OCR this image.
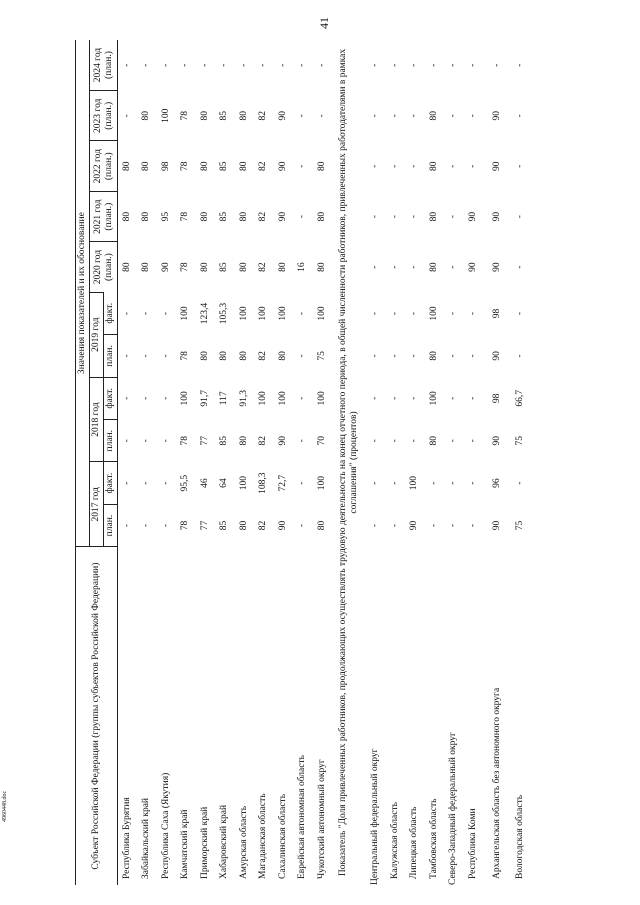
41
4960448.doc	Субъект Российской Федерации (группы субъектов Российской Федерации)	Значения показателей и их обоснование										
	2017 год		2018 год		2019 год		2020 год (план.)	2021 год (план.)	2022 год (план.)	2023 год (план.)	2024 год (план.)
	план.	факт.	план.	факт.	план.	факт.					
Республика Бурятия	-	-	-	-	-	-	80	80	80	-	-
Забайкальский край	-	-	-	-	-	-	80	80	80	80	-
Республика Саха (Якутия)	-	-	-	-	-	-	90	95	98	100	-
Камчатский край	78	95,5	78	100	78	100	78	78	78	78	-
Приморский край	77	46	77	91,7	80	123,4	80	80	80	80	-
Хабаровский край	85	64	85	117	80	105,3	85	85	85	85	-
Амурская область	80	100	80	91,3	80	100	80	80	80	80	-
Магаданская область	82	108,3	82	100	82	100	82	82	82	82	-
Сахалинская область	90	72,7	90	100	80	100	80	90	90	90	-
Еврейская автономная область	-	-	-	-	-	-	16	-	-	-	-
Чукотский автономный округ	80	100	70	100	75	100	80	80	80	-	-
Показатель "Доля привлеченных работников, продолжающих осуществлять трудовую деятельность на конец отчетного периода, в общей численности работников, привлеченных работодателями в рамках соглашения" (процентов)											
Центральный федеральный округ	-	-	-	-	-	-	-	-	-	-	-
Калужская область	-	-	-	-	-	-	-	-	-	-	-
Липецкая область	90	100	-	-	-	-	-	-	-	-	-
Тамбовская область	-	-	80	100	80	100	80	80	80	80	-
Северо-Западный федеральный округ	-	-	-	-	-	-	-	-	-	-	-
Республика Коми	-	-	-	-	-	-	90	90	-	-	-
Архангельская область без автономного округа	90	96	90	98	90	98	90	90	90	90	-
Вологодская область	75	-	75	66,7	-	-	-	-	-	-	-
